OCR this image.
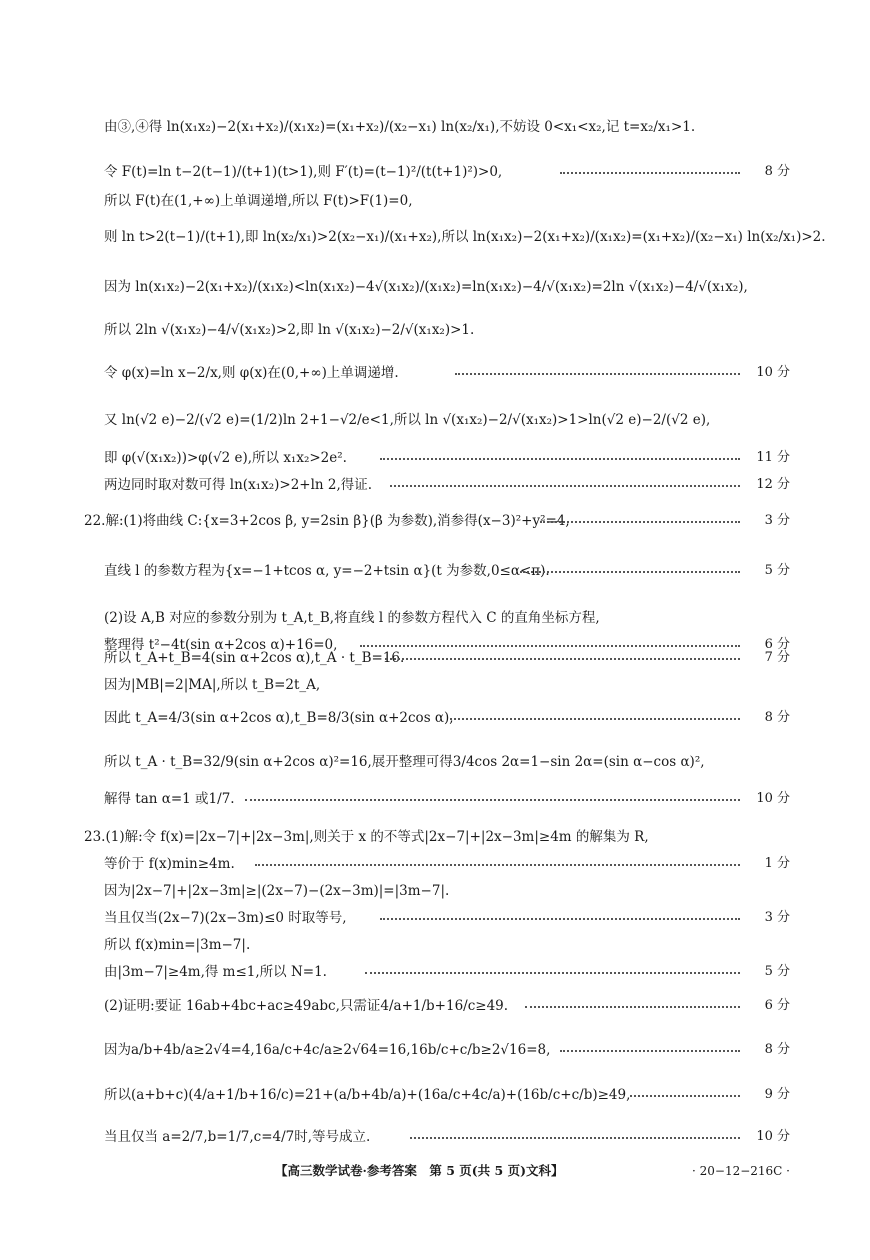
由③,④得 ln(x₁x₂)−2(x₁+x₂)/(x₁x₂)=(x₁+x₂)/(x₂−x₁) ln(x₂/x₁),不妨设 0<x₁<x₂,记 t=x₂/x₁>1.
令 F(t)=ln t−2(t−1)/(t+1)(t>1),则 F′(t)=(t−1)²/(t(t+1)²)>0,	8 分
所以 F(t)在(1,+∞)上单调递增,所以 F(t)>F(1)=0,
则 ln t>2(t−1)/(t+1),即 ln(x₂/x₁)>2(x₂−x₁)/(x₁+x₂),所以 ln(x₁x₂)−2(x₁+x₂)/(x₁x₂)=(x₁+x₂)/(x₂−x₁) ln(x₂/x₁)>2.
因为 ln(x₁x₂)−2(x₁+x₂)/(x₁x₂)<ln(x₁x₂)−4√(x₁x₂)/(x₁x₂)=ln(x₁x₂)−4/√(x₁x₂)=2ln √(x₁x₂)−4/√(x₁x₂),
所以 2ln √(x₁x₂)−4/√(x₁x₂)>2,即 ln √(x₁x₂)−2/√(x₁x₂)>1.
令 φ(x)=ln x−2/x,则 φ(x)在(0,+∞)上单调递增.	10 分
又 ln(√2 e)−2/(√2 e)=(1/2)ln 2+1−√2/e<1,所以 ln √(x₁x₂)−2/√(x₁x₂)>1>ln(√2 e)−2/(√2 e),
即 φ(√(x₁x₂))>φ(√2 e),所以 x₁x₂>2e².	11 分
两边同时取对数可得 ln(x₁x₂)>2+ln 2,得证.	12 分
22.解:(1)将曲线 C:{x=3+2cos β, y=2sin β}(β 为参数),消参得(x−3)²+y²=4,	3 分
直线 l 的参数方程为{x=−1+tcos α, y=−2+tsin α}(t 为参数,0≤α<π).	5 分
(2)设 A,B 对应的参数分别为 t_A,t_B,将直线 l 的参数方程代入 C 的直角坐标方程,
整理得 t²−4t(sin α+2cos α)+16=0,	6 分
所以 t_A+t_B=4(sin α+2cos α),t_A · t_B=16.	7 分
因为|MB|=2|MA|,所以 t_B=2t_A,
因此 t_A=4/3(sin α+2cos α),t_B=8/3(sin α+2cos α),	8 分
所以 t_A · t_B=32/9(sin α+2cos α)²=16,展开整理可得3/4cos 2α=1−sin 2α=(sin α−cos α)²,
解得 tan α=1 或1/7.	10 分
23.(1)解:令 f(x)=|2x−7|+|2x−3m|,则关于 x 的不等式|2x−7|+|2x−3m|≥4m 的解集为 R,
等价于 f(x)min≥4m.	1 分
因为|2x−7|+|2x−3m|≥|(2x−7)−(2x−3m)|=|3m−7|.
当且仅当(2x−7)(2x−3m)≤0 时取等号,	3 分
所以 f(x)min=|3m−7|.
由|3m−7|≥4m,得 m≤1,所以 N=1.	5 分
(2)证明:要证 16ab+4bc+ac≥49abc,只需证4/a+1/b+16/c≥49.	6 分
因为a/b+4b/a≥2√4=4,16a/c+4c/a≥2√64=16,16b/c+c/b≥2√16=8,	8 分
所以(a+b+c)(4/a+1/b+16/c)=21+(a/b+4b/a)+(16a/c+4c/a)+(16b/c+c/b)≥49,	9 分
当且仅当 a=2/7,b=1/7,c=4/7时,等号成立.	10 分
【高三数学试卷·参考答案　第 5 页(共 5 页)文科】	· 20−12−216C ·
